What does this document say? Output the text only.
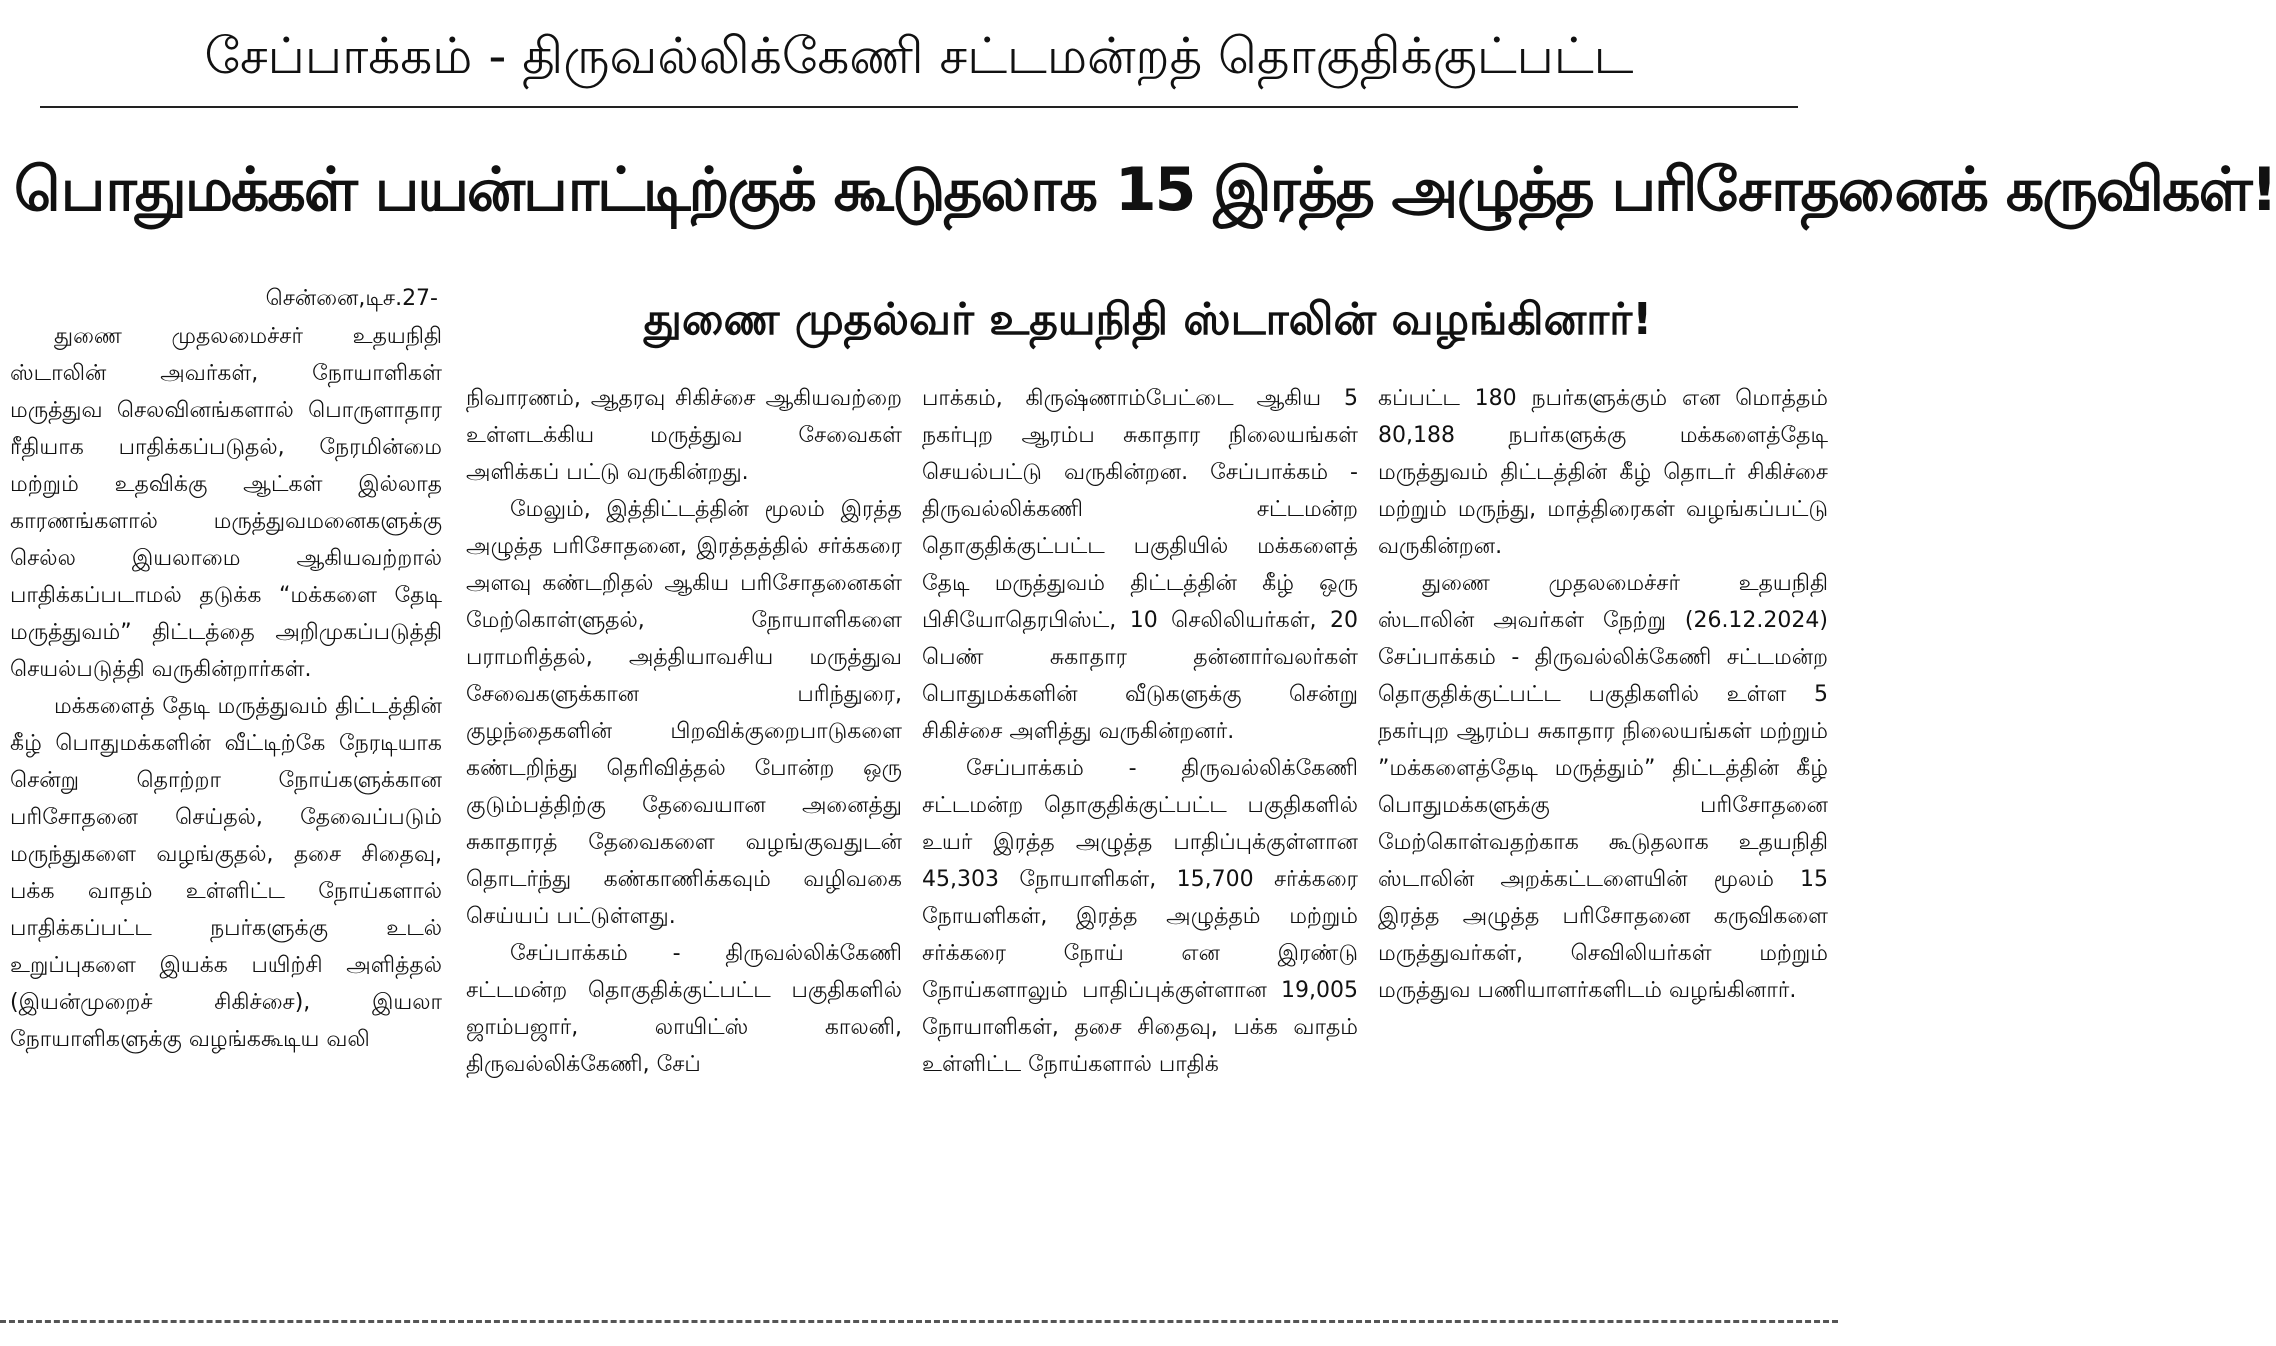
சேப்பாக்கம் - திருவல்லிக்கேணி சட்டமன்றத் தொகுதிக்குட்பட்ட
பொதுமக்கள் பயன்பாட்டிற்குக் கூடுதலாக 15 இரத்த அழுத்த பரிசோதனைக் கருவிகள்!
சென்னை,டிச.27-	துணை முதல்வர் உதயநிதி ஸ்டாலின் வழங்கினார்!

துணை முதலமைச்சர் உதயநிதி ஸ்டாலின் அவர்கள், நோயாளிகள் மருத்துவ செலவினங்களால் பொருளாதார ரீதியாக பாதிக்கப்படுதல், நேரமின்மை மற்றும் உதவிக்கு ஆட்கள் இல்லாத காரணங்களால் மருத்துவமனைகளுக்கு செல்ல இயலாமை ஆகியவற்றால் பாதிக்கப்படாமல் தடுக்க “மக்களை தேடி மருத்துவம்” திட்டத்தை அறிமுகப்படுத்தி செயல்படுத்தி வருகின்றார்கள்.

மக்களைத் தேடி மருத்துவம் திட்டத்தின் கீழ் பொதுமக்களின் வீட்டிற்கே நேரடியாக சென்று தொற்றா நோய்களுக்கான பரிசோதனை செய்தல், தேவைப்படும் மருந்துகளை வழங்குதல், தசை சிதைவு, பக்க வாதம் உள்ளிட்ட நோய்களால் பாதிக்கப்பட்ட நபர்களுக்கு உடல் உறுப்புகளை இயக்க பயிற்சி அளித்தல் (இயன்முறைச் சிகிச்சை), இயலா நோயாளிகளுக்கு வழங்ககூடிய வலி

நிவாரணம், ஆதரவு சிகிச்சை ஆகியவற்றை உள்ளடக்கிய மருத்துவ சேவைகள் அளிக்கப் பட்டு வருகின்றது.

மேலும், இத்திட்டத்தின் மூலம் இரத்த அழுத்த பரிசோதனை, இரத்தத்தில் சர்க்கரை அளவு கண்டறிதல் ஆகிய பரிசோதனைகள் மேற்கொள்ளுதல், நோயாளிகளை பராமரித்தல், அத்தியாவசிய மருத்துவ சேவைகளுக்கான பரிந்துரை, குழந்தைகளின் பிறவிக்குறைபாடுகளை கண்டறிந்து தெரிவித்தல் போன்ற ஒரு குடும்பத்திற்கு தேவையான அனைத்து சுகாதாரத் தேவைகளை வழங்குவதுடன் தொடர்ந்து கண்காணிக்கவும் வழிவகை செய்யப் பட்டுள்ளது.

சேப்பாக்கம் - திருவல்லிக்கேணி சட்டமன்ற தொகுதிக்குட்பட்ட பகுதிகளில் ஜாம்பஜார், லாயிட்ஸ் காலனி, திருவல்லிக்கேணி, சேப்

பாக்கம், கிருஷ்ணாம்பேட்டை ஆகிய 5 நகர்புற ஆரம்ப சுகாதார நிலையங்கள் செயல்பட்டு வருகின்றன. சேப்பாக்கம் - திருவல்லிக்கணி சட்டமன்ற தொகுதிக்குட்பட்ட பகுதியில் மக்களைத் தேடி மருத்துவம் திட்டத்தின் கீழ் ஒரு பிசியோதெரபிஸ்ட், 10 செலிலியர்கள், 20 பெண் சுகாதார தன்னார்வலர்கள் பொதுமக்களின் வீடுகளுக்கு சென்று சிகிச்சை அளித்து வருகின்றனர்.

சேப்பாக்கம் - திருவல்லிக்கேணி சட்டமன்ற தொகுதிக்குட்பட்ட பகுதிகளில் உயர் இரத்த அழுத்த பாதிப்புக்குள்ளான 45,303 நோயாளிகள், 15,700 சர்க்கரை நோயளிகள், இரத்த அழுத்தம் மற்றும் சர்க்கரை நோய் என இரண்டு நோய்களாலும் பாதிப்புக்குள்ளான 19,005 நோயாளிகள், தசை சிதைவு, பக்க வாதம் உள்ளிட்ட நோய்களால் பாதிக்

கப்பட்ட 180 நபர்களுக்கும் என மொத்தம் 80,188 நபர்களுக்கு மக்களைத்தேடி மருத்துவம் திட்டத்தின் கீழ் தொடர் சிகிச்சை மற்றும் மருந்து, மாத்திரைகள் வழங்கப்பட்டு வருகின்றன.

துணை முதலமைச்சர் உதயநிதி ஸ்டாலின் அவர்கள் நேற்று (26.12.2024) சேப்பாக்கம் - திருவல்லிக்கேணி சட்டமன்ற தொகுதிக்குட்பட்ட பகுதிகளில் உள்ள 5 நகர்புற ஆரம்ப சுகாதார நிலையங்கள் மற்றும் ”மக்களைத்தேடி மருத்தும்” திட்டத்தின் கீழ் பொதுமக்களுக்கு பரிசோதனை மேற்கொள்வதற்காக கூடுதலாக உதயநிதி ஸ்டாலின் அறக்கட்டளையின் மூலம் 15 இரத்த அழுத்த பரிசோதனை கருவிகளை மருத்துவர்கள், செவிலியர்கள் மற்றும் மருத்துவ பணியாளர்களிடம் வழங்கினார்.
